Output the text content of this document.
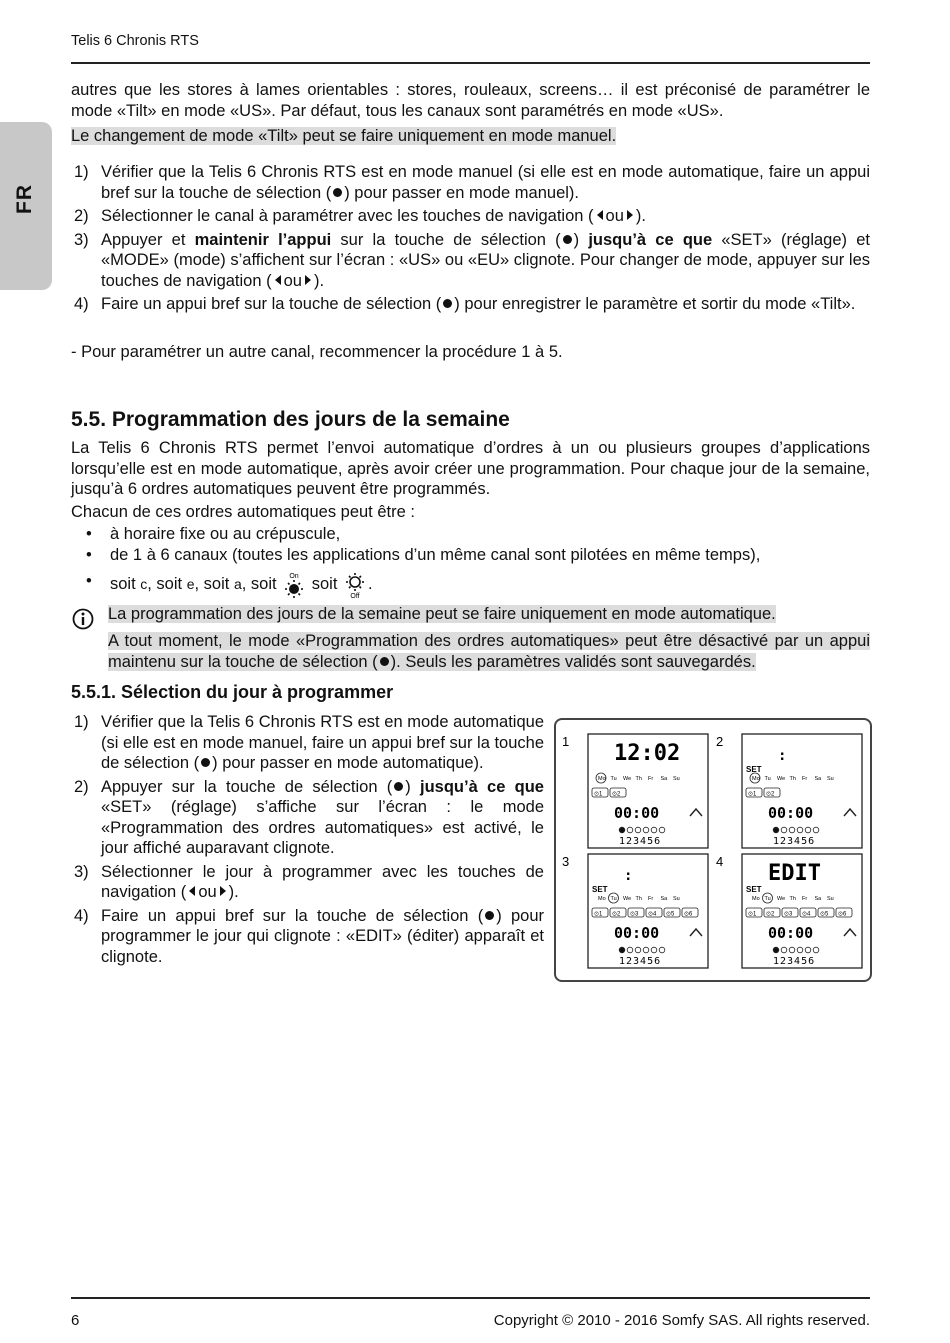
Telis 6 Chronis RTS
FR
autres que les stores à lames orientables : stores, rouleaux, screens… il est préconisé de paramétrer le mode «Tilt» en mode «US». Par défaut, tous les canaux sont paramétrés en mode «US».
Le changement de mode «Tilt» peut se faire uniquement en mode manuel.
1) Vérifier que la Telis 6 Chronis RTS est en mode manuel (si elle est en mode automatique, faire un appui bref sur la touche de sélection ( ) pour passer en mode manuel).
2) Sélectionner le canal à paramétrer avec les touches de navigation ( ou ).
3) Appuyer et maintenir l’appui sur la touche de sélection ( ) jusqu’à ce que «SET» (réglage) et «MODE» (mode) s’affichent sur l’écran : «US» ou «EU» clignote. Pour changer de mode, appuyer sur les touches de navigation ( ou ).
4) Faire un appui bref sur la touche de sélection ( ) pour enregistrer le paramètre et sortir du mode «Tilt».
- Pour paramétrer un autre canal, recommencer la procédure 1 à 5.
5.5. Programmation des jours de la semaine
La Telis 6 Chronis RTS permet l’envoi automatique d’ordres à un ou plusieurs groupes d’applications lorsqu’elle est en mode automatique, après avoir créer une programmation. Pour chaque jour de la semaine, jusqu’à 6 ordres automatiques peuvent être programmés.
Chacun de ces ordres automatiques peut être :
• à horaire fixe ou au crépuscule,
• de 1 à 6 canaux (toutes les applications d’un même canal sont pilotées en même temps),
• soit c, soit e, soit a, soit On soit
Off
.
La programmation des jours de la semaine peut se faire uniquement en mode automatique.
A tout moment, le mode «Programmation des ordres automatiques» peut être désactivé par un appui maintenu sur la touche de sélection ( ). Seuls les paramètres validés sont sauvegardés.
5.5.1. Sélection du jour à programmer
1) Vérifier que la Telis 6 Chronis RTS est en mode automatique (si elle est en mode manuel, faire un appui bref sur la touche de sélection ( ) pour passer en mode automatique).
2) Appuyer sur la touche de sélection ( ) jusqu’à ce que «SET» (réglage) s’affiche sur l’écran : le mode «Programmation des ordres automatiques» est activé, le jour affiché auparavant clignote.
3) Sélectionner le jour à programmer avec les touches de navigation ( ou ).
4) Faire un appui bref sur la touche de sélection ( ) pour programmer le jour qui clignote : «EDIT» (éditer) apparaît et clignote.
1 12:02
Mo Tu We Th Fr Sa Su
⊙1 ⊙2
00:00
123456
2
:
SET
Mo Tu We Th Fr Sa Su
⊙1 ⊙2
00:00
123456
3
:
SET
Mo Tu We Th Fr Sa Su
⊙1 ⊙2 ⊙3 ⊙4 ⊙5 ⊙6
00:00
123456
4 EDIT
SET
Mo Tu We Th Fr Sa Su
⊙1 ⊙2 ⊙3 ⊙4 ⊙5 ⊙6
00:00
123456
6	Copyright © 2010 - 2016 Somfy SAS. All rights reserved.
